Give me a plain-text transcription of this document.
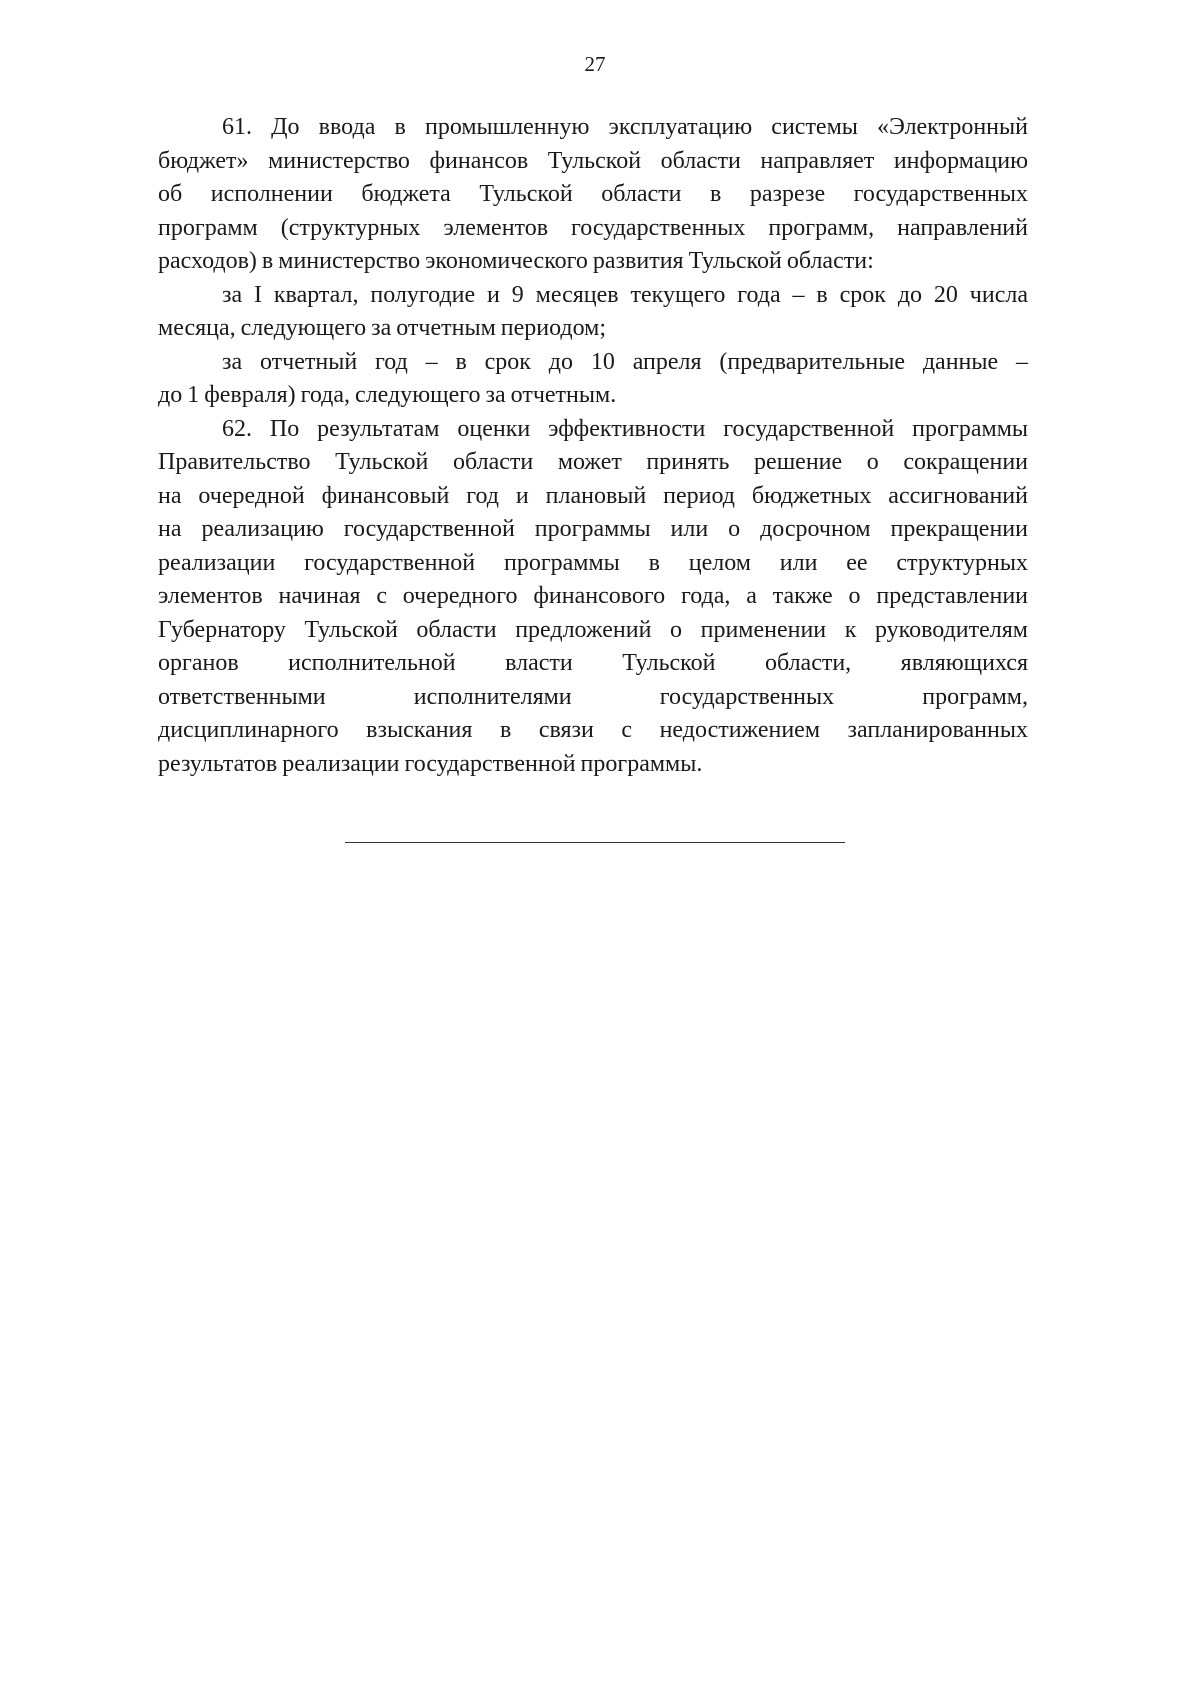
27
61. До ввода в промышленную эксплуатацию системы «Электронный
бюджет» министерство финансов Тульской области направляет информацию
об исполнении бюджета Тульской области в разрезе государственных
программ (структурных элементов государственных программ, направлений
расходов) в министерство экономического развития Тульской области:
за I квартал, полугодие и 9 месяцев текущего года – в срок до 20 числа
месяца, следующего за отчетным периодом;
за отчетный год – в срок до 10 апреля (предварительные данные –
до 1 февраля) года, следующего за отчетным.
62. По результатам оценки эффективности государственной программы
Правительство Тульской области может принять решение о сокращении
на очередной финансовый год и плановый период бюджетных ассигнований
на реализацию государственной программы или о досрочном прекращении
реализации государственной программы в целом или ее структурных
элементов начиная с очередного финансового года, а также о представлении
Губернатору Тульской области предложений о применении к руководителям
органов исполнительной власти Тульской области, являющихся
ответственными исполнителями государственных программ,
дисциплинарного взыскания в связи с недостижением запланированных
результатов реализации государственной программы.
